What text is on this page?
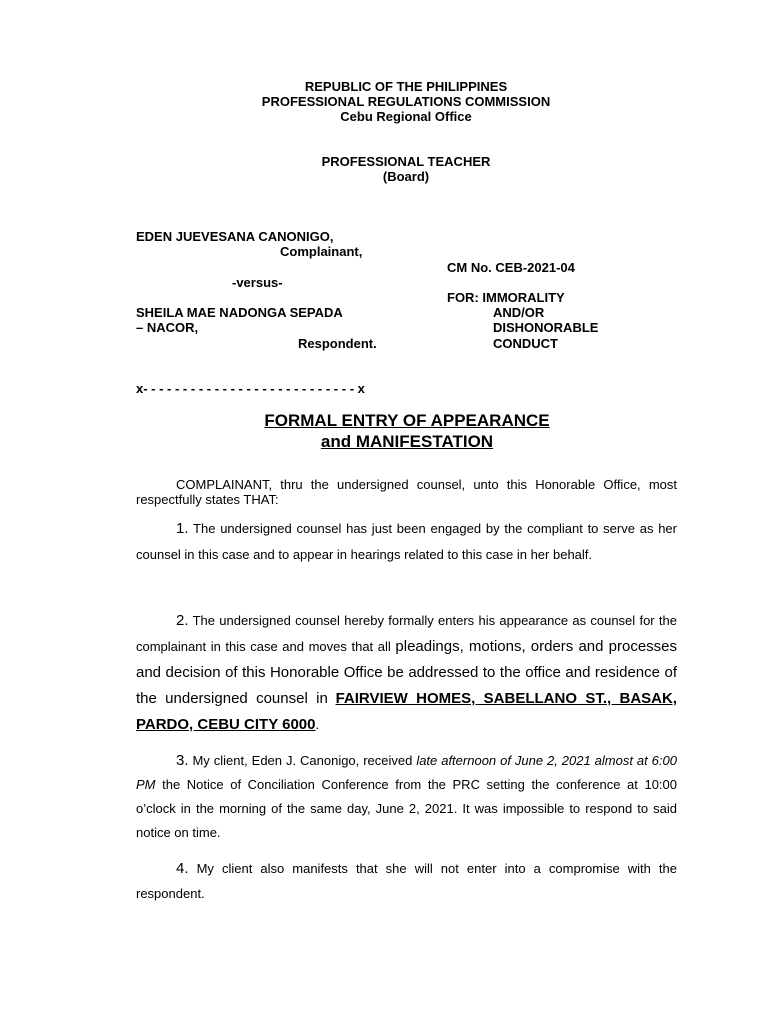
REPUBLIC OF THE PHILIPPINES
PROFESSIONAL REGULATIONS COMMISSION
Cebu Regional Office
PROFESSIONAL TEACHER
(Board)
EDEN JUEVESANA CANONIGO,
Complainant,
-versus-
SHEILA MAE NADONGA SEPADA
– NACOR,
Respondent.
CM No. CEB-2021-04
FOR: IMMORALITY
AND/OR
DISHONORABLE
CONDUCT
x- - - - - - - - - - - - - - - - - - - - - - - - - - - x
FORMAL ENTRY OF APPEARANCE
and MANIFESTATION
COMPLAINANT, thru the undersigned counsel, unto this Honorable Office, most respectfully states THAT:
1. The undersigned counsel has just been engaged by the compliant to serve as her counsel in this case and to appear in hearings related to this case in her behalf.
2. The undersigned counsel hereby formally enters his appearance as counsel for the complainant in this case and moves that all pleadings, motions, orders and processes and decision of this Honorable Office be addressed to the office and residence of the undersigned counsel in FAIRVIEW HOMES, SABELLANO ST., BASAK, PARDO, CEBU CITY 6000.
3. My client, Eden J. Canonigo, received late afternoon of June 2, 2021 almost at 6:00 PM the Notice of Conciliation Conference from the PRC setting the conference at 10:00 o’clock in the morning of the same day, June 2, 2021. It was impossible to respond to said notice on time.
4. My client also manifests that she will not enter into a compromise with the respondent.
